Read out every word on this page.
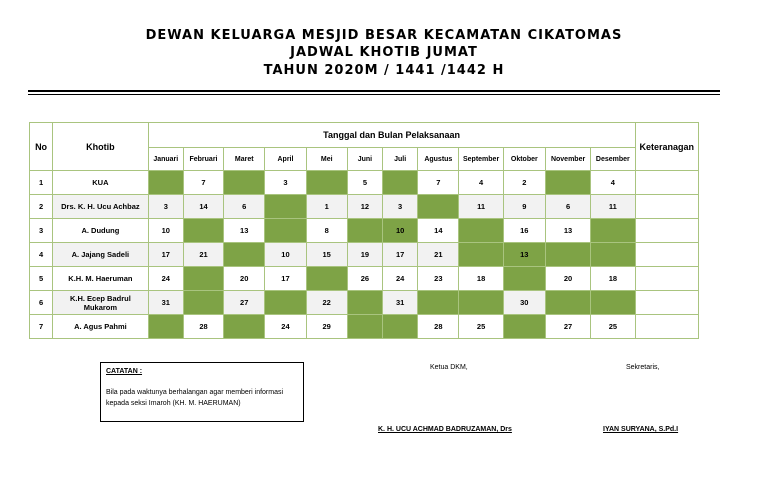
DEWAN KELUARGA MESJID BESAR KECAMATAN CIKATOMAS
JADWAL KHOTIB JUMAT
TAHUN 2020M / 1441 /1442 H
No	Khotib	Tanggal dan Bulan Pelaksanaan												Keteranagan
		Januari	Februari	Maret	April	Mei	Juni	Juli	Agustus	September	Oktober	November	Desember	
1	KUA		7		3		5		7	4	2		4	
2	Drs. K. H. Ucu Achbaz	3	14	6		1	12	3		11	9	6	11	
3	A. Dudung	10		13		8		10	14		16	13		
4	A. Jajang Sadeli	17	21		10	15	19	17	21		13			
5	K.H. M. Haeruman	24		20	17		26	24	23	18		20	18	
6	K.H. Ecep Badrul Mukarom	31		27		22		31			30			
7	A. Agus Pahmi		28		24	29			28	25		27	25	
CATATAN :
Bila pada waktunya berhalangan agar memberi informasi kepada seksi Imaroh (KH. M. HAERUMAN)
Ketua DKM,
K. H. UCU ACHMAD BADRUZAMAN, Drs
Sekretaris,
IYAN SURYANA, S.Pd.I
